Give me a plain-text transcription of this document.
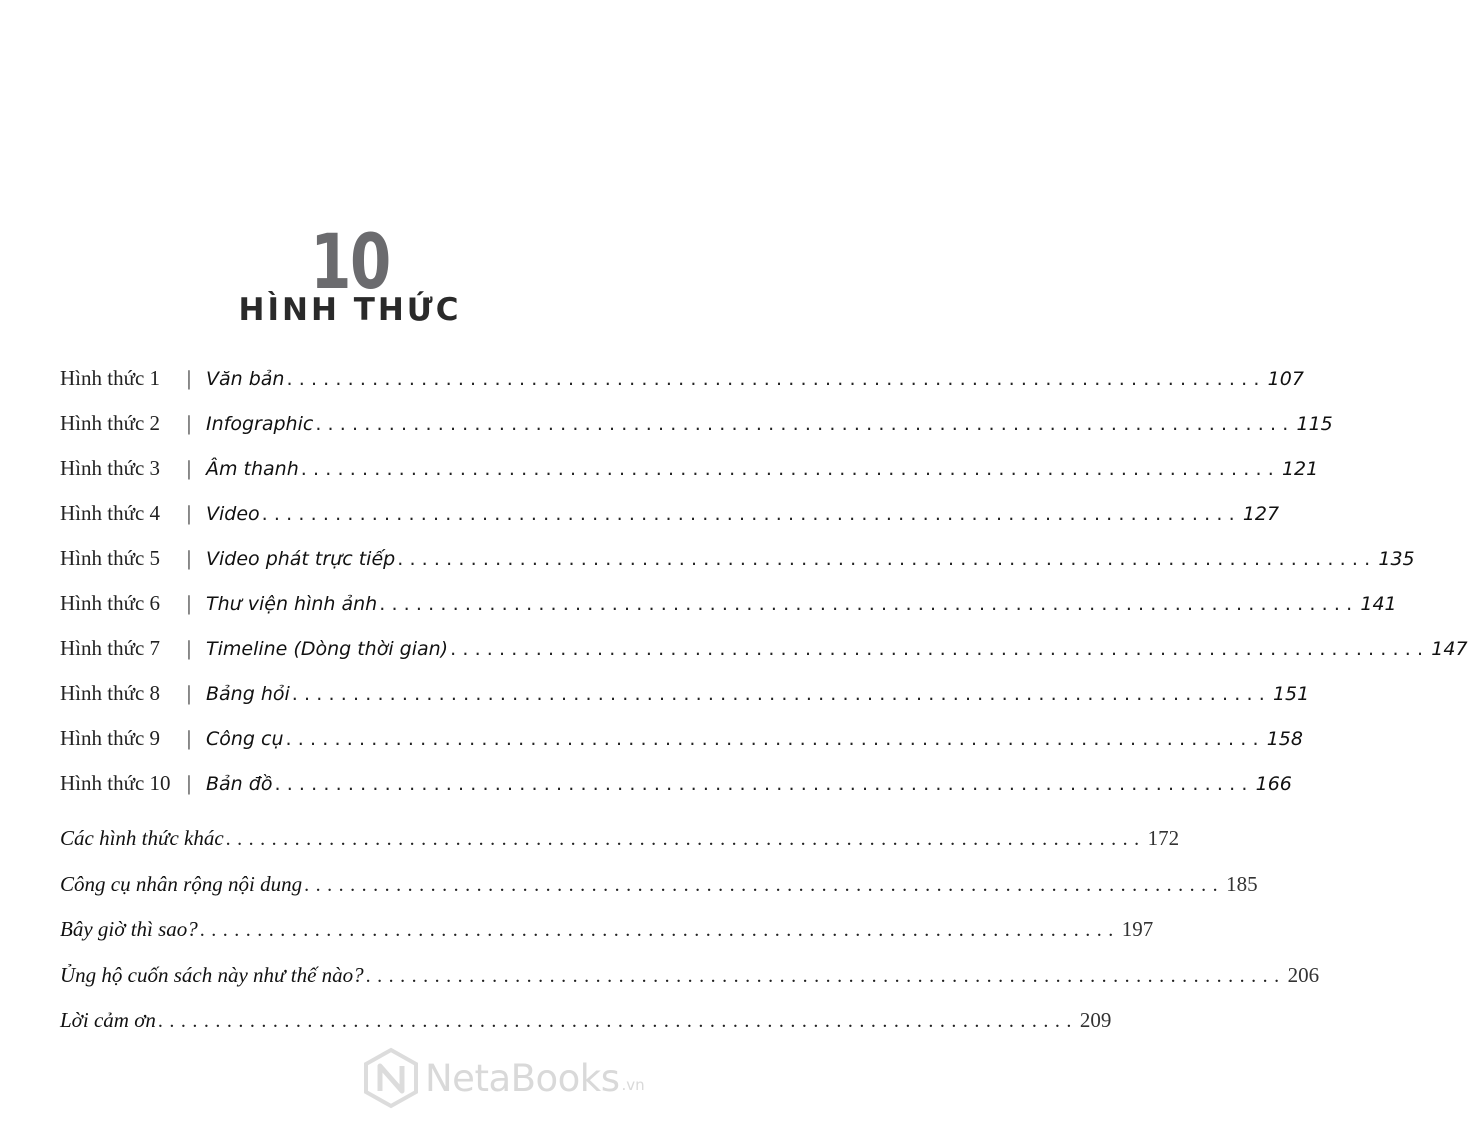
10
HÌNH THỨC
Hình thức 1	| Văn bản ................................................................................ 107
Hình thức 2	| Infographic ................................................................................ 115
Hình thức 3	| Âm thanh ................................................................................ 121
Hình thức 4	| Video ................................................................................ 127
Hình thức 5	| Video phát trực tiếp ................................................................................ 135
Hình thức 6	| Thư viện hình ảnh ................................................................................ 141
Hình thức 7	| Timeline (Dòng thời gian) ................................................................................ 147
Hình thức 8	| Bảng hỏi ................................................................................ 151
Hình thức 9	| Công cụ ................................................................................ 158
Hình thức 10 | Bản đồ ................................................................................ 166
Các hình thức khác ................................................................................ 172
Công cụ nhân rộng nội dung ................................................................................ 185
Bây giờ thì sao? ................................................................................ 197
Ủng hộ cuốn sách này như thế nào? ................................................................................ 206
Lời cảm ơn ................................................................................ 209
NetaBooks .vn
